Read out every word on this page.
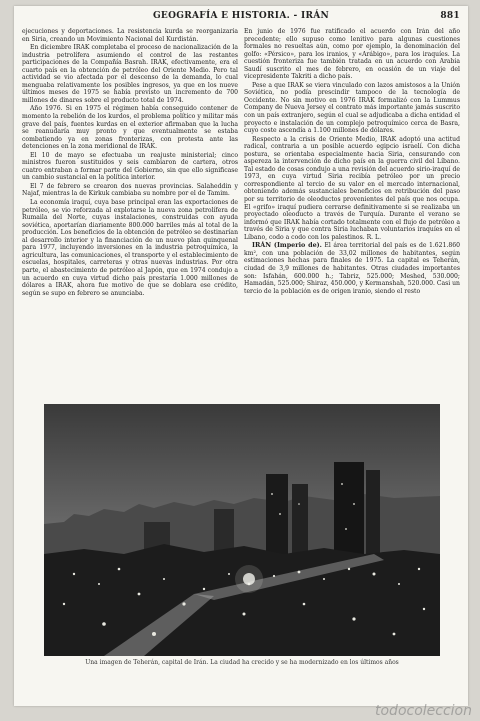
GEOGRAFÍA E HISTORIA. - IRÁN	881

ejecuciones y deportaciones. La resistencia kurda se reorganizaría en Siria, creando un Movimiento Nacional del Kurdistán.

En diciembre IRAK completaba el proceso de nacionalización de la industria petrolífera asumiendo el control de las restantes participaciones de la Compañía Basrah. IRAK, efectivamente, era el cuarto país en la obtención de petróleo del Oriente Medio. Pero tal actividad se vio afectada por el descenso de la demanda, lo cual menguaba relativamente los posibles ingresos, ya que en los nueve últimos meses de 1975 se había previsto un incremento de 700 millones de dinares sobre el producto total de 1974.

Año 1976. Si en 1975 el régimen había conseguido contener de momento la rebelión de los kurdos, el problema político y militar más grave del país, fuentes kurdas en el exterior afirmaban que la lucha se reanudaría muy pronto y que eventualmente se estaba combatiendo ya en zonas fronterizas, con protesta ante las detenciones en la zona meridional de IRAK.

El 10 de mayo se efectuaba un reajuste ministerial; cinco ministros fueron sustituidos y seis cambiaron de cartera, otros cuatro entraban a formar parte del Gobierno, sin que ello significase un cambio sustancial en la política interior.

El 7 de febrero se crearon dos nuevas provincias. Salaheddin y Najaf, mientras la de Kirkuk cambiaba su nombre por el de Tamim.

La economía iraquí, cuya base principal eran las exportaciones de petróleo, se vio reforzada al explotarse la nueva zona petrolífera de Rumaila del Norte, cuyas instalaciones, construidas con ayuda soviética, aportarían diariamente 800.000 barriles más al total de la producción. Los beneficios de la obtención de petróleo se destinarían al desarrollo interior y la financiación de un nuevo plan quinquenal para 1977, incluyendo inversiones en la industria petroquímica, la agricultura, las comunicaciones, el transporte y el establecimiento de escuelas, hospitales, carreteras y otras nuevas industrias. Por otra parte, el abastecimiento de petróleo al Japón, que en 1974 condujo a un acuerdo en cuya virtud dicho país prestaría 1.000 millones de dólares a IRAK, ahora fue motivo de que se doblara ese crédito, según se supo en febrero se anunciaba.

En junio de 1976 fue ratificado el acuerdo con Irán del año precedente; ello supuso como lenitivo para algunas cuestiones formales no resueltas aún, como por ejemplo, la denominación del golfo: «Pérsico», para los iranios, y «Arábigo», para los iraquíes. La cuestión fronteriza fue también tratada en un acuerdo con Arabia Saudí suscrito el mes de febrero, en ocasión de un viaje del vicepresidente Takriti a dicho país.

Pese a que IRAK se viera vinculado con lazos amistosos a la Unión Soviética, no podía prescindir tampoco de la tecnología de Occidente. No sin motivo en 1976 IRAK formalizó con la Lummus Company de Nueva Jersey el contrato más importante jamás suscrito con un país extranjero, según el cual se adjudicaba a dicha entidad el proyecto e instalación de un complejo petroquímico cerca de Basra, cuyo coste ascendía a 1.100 millones de dólares.

Respecto a la crisis de Oriente Medio, IRAK adoptó una actitud radical, contraria a un posible acuerdo egipcio israelí. Con dicha postura, se orientaba especialmente hacia Siria, censurando con aspereza la intervención de dicho país en la guerra civil del Líbano. Tal estado de cosas condujo a una revisión del acuerdo sirio-iraquí de 1973, en cuya virtud Siria recibía petróleo por un precio correspondiente al tercio de su valor en el mercado internacional, obteniendo además sustanciales beneficios en retribución del paso por su territorio de oleoductos provenientes del país que nos ocupa. El «grifo» iraquí pudiera cerrarse definitivamente si se realizaba un proyectado oleoducto a través de Turquía. Durante el verano se informó que IRAK había cortado totalmente con el flujo de petróleo a través de Siria y que contra Siria luchaban voluntarios iraquíes en el Líbano, codo a codo con los palestinos. R. L.

IRÁN (Imperio de). El área territorial del país es de 1.621.860 km², con una población de 33,02 millones de habitantes, según estimaciones hechas para finales de 1975. La capital es Teherán, ciudad de 3,9 millones de habitantes. Otras ciudades importantes son: Isfahán, 600.000 h.; Tabriz, 525.000; Meshed, 530.000; Hamadán, 525.000; Shiraz, 450.000, y Kermanshah, 520.000. Casi un tercio de la población es de origen iranio, siendo el resto

Una imagen de Teherán, capital de Irán. La ciudad ha crecido y se ha modernizado en los últimos años
todocoleccion
